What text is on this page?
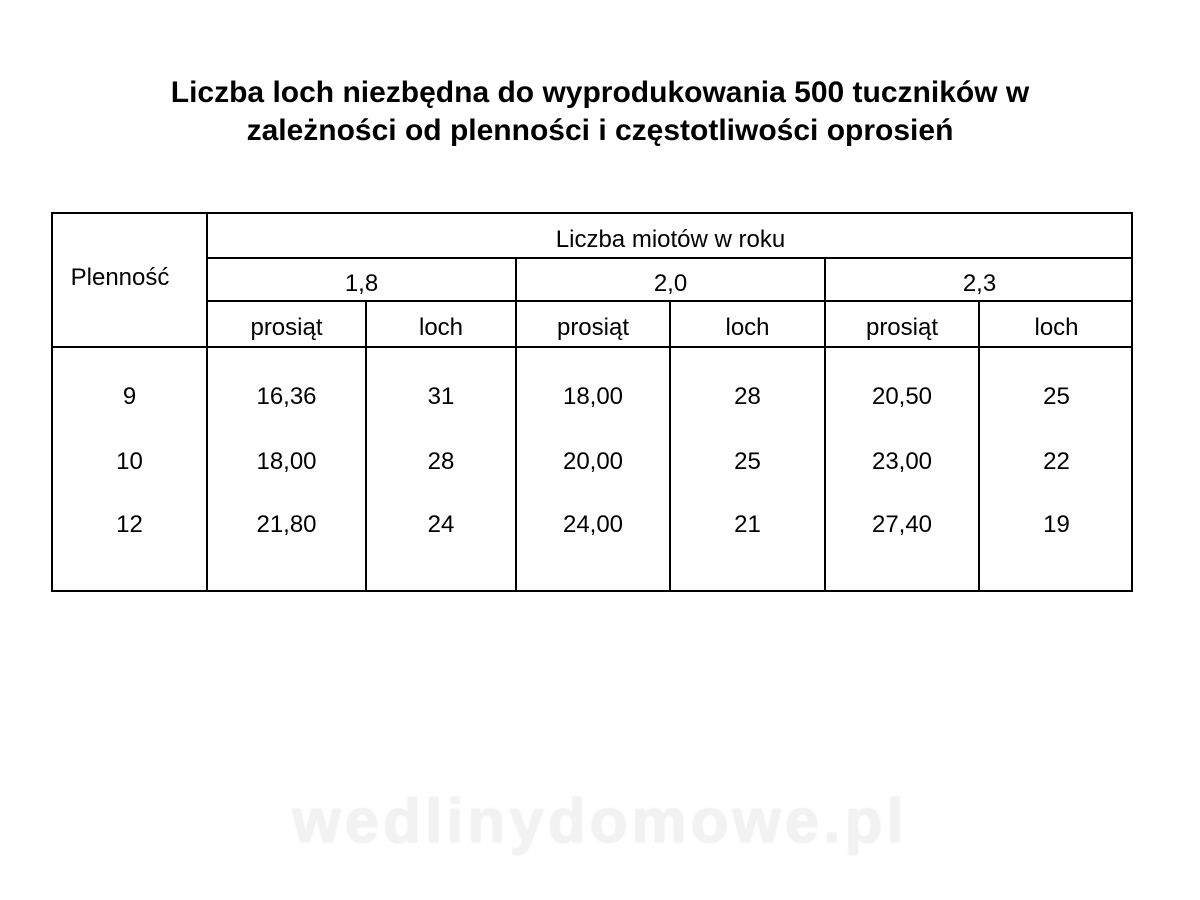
Liczba loch niezbędna do wyprodukowania 500 tuczników w
zależności od plenności i częstotliwości oprosień
Plenność
Liczba miotów w roku
1,8	2,0	2,3
prosiąt	loch	prosiąt	loch	prosiąt	loch
9	16,36	31	18,00	28	20,50	25
10	18,00	28	20,00	25	23,00	22
12	21,80	24	24,00	21	27,40	19
wedlinydomowe.pl
